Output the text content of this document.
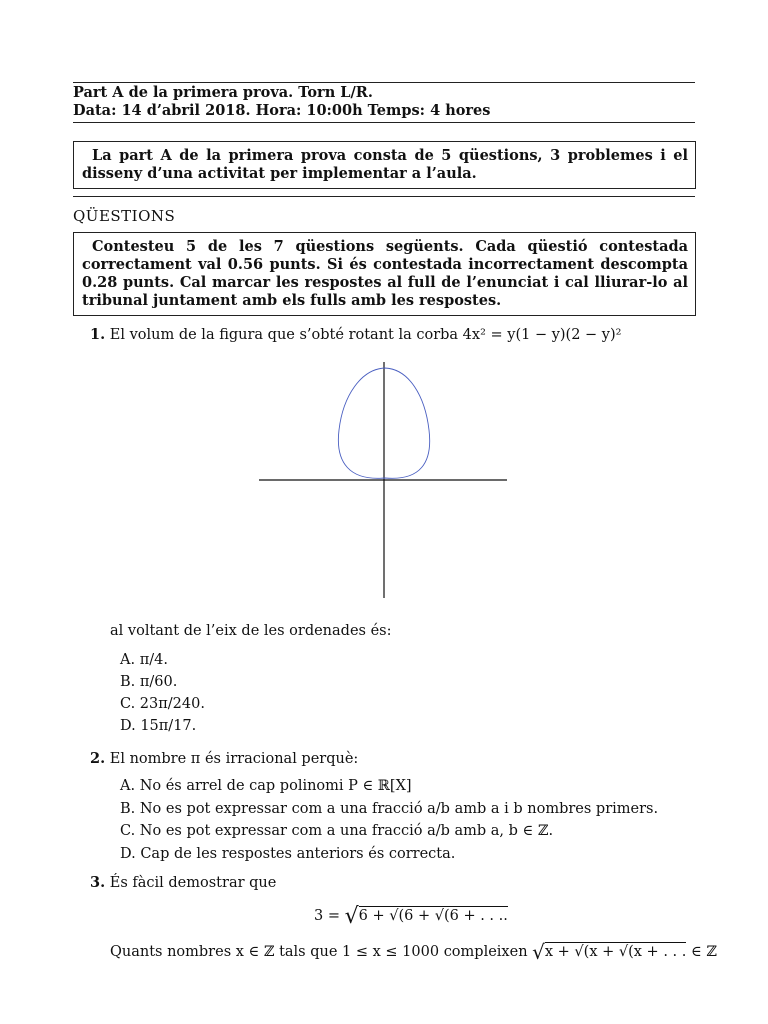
Part A de la primera prova. Torn L/R.
Data: 14 d’abril 2018. Hora: 10:00h Temps: 4 hores

La part A de la primera prova consta de 5 qüestions, 3 problemes i el disseny d’una activitat per implementar a l’aula.

QÜESTIONS

Contesteu 5 de les 7 qüestions següents. Cada qüestió contestada correctament val 0.56 punts. Si és contestada incorrectament descompta 0.28 punts. Cal marcar les respostes al full de l’enunciat i cal lliurar-lo al tribunal juntament amb els fulls amb les respostes.

1. El volum de la figura que s’obté rotant la corba 4x² = y(1 − y)(2 − y)²
al voltant de l’eix de les ordenades és:
A. π/4.
B. π/60.
C. 23π/240.
D. 15π/17.
2. El nombre π és irracional perquè:
A. No és arrel de cap polinomi P ∈ ℝ[X]
B. No es pot expressar com a una fracció a/b amb a i b nombres primers.
C. No es pot expressar com a una fracció a/b amb a, b ∈ ℤ.
D. Cap de les respostes anteriors és correcta.
3. És fàcil demostrar que
3 = √6 + √(6 + √(6 + . . ..
Quants nombres x ∈ ℤ tals que 1 ≤ x ≤ 1000 compleixen √x + √(x + √(x + . . . ∈ ℤ
